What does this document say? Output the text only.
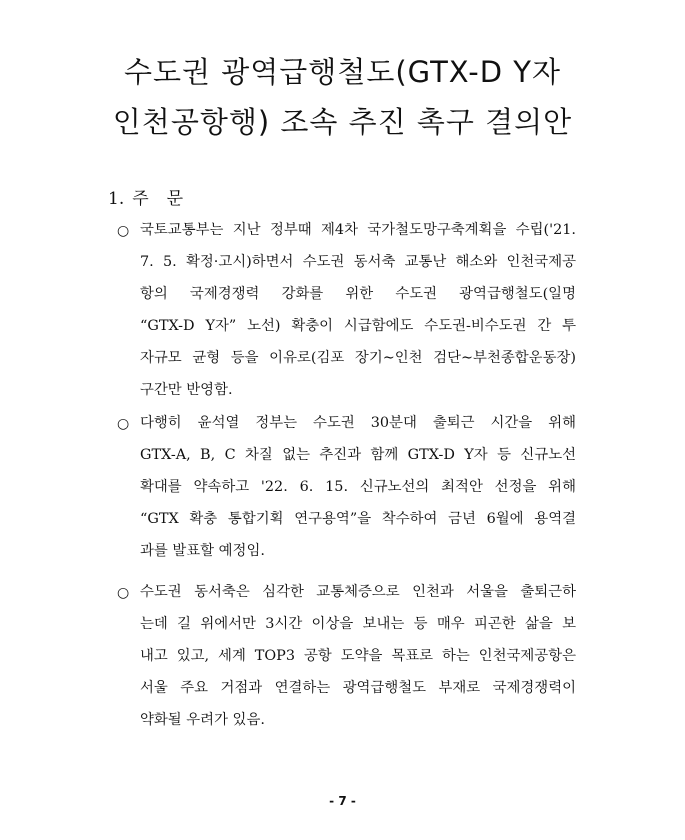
수도권 광역급행철도(GTX-D Y자
인천공항행) 조속 추진 촉구 결의안
1. 주문
○ 국토교통부는 지난 정부때 제4차 국가철도망구축계획을 수립('21.
7. 5. 확정·고시)하면서 수도권 동서축 교통난 해소와 인천국제공
항의 국제경쟁력 강화를 위한 수도권 광역급행철도(일명
“GTX-D Y자” 노선) 확충이 시급함에도 수도권-비수도권 간 투
자규모 균형 등을 이유로(김포 장기∼인천 검단∼부천종합운동장)
구간만 반영함.
○ 다행히 윤석열 정부는 수도권 30분대 출퇴근 시간을 위해
GTX-A, B, C 차질 없는 추진과 함께 GTX-D Y자 등 신규노선
확대를 약속하고 '22. 6. 15. 신규노선의 최적안 선정을 위해
“GTX 확충 통합기획 연구용역”을 착수하여 금년 6월에 용역결
과를 발표할 예정임.
○ 수도권 동서축은 심각한 교통체증으로 인천과 서울을 출퇴근하
는데 길 위에서만 3시간 이상을 보내는 등 매우 피곤한 삶을 보
내고 있고, 세계 TOP3 공항 도약을 목표로 하는 인천국제공항은
서울 주요 거점과 연결하는 광역급행철도 부재로 국제경쟁력이
약화될 우려가 있음.
- 7 -
